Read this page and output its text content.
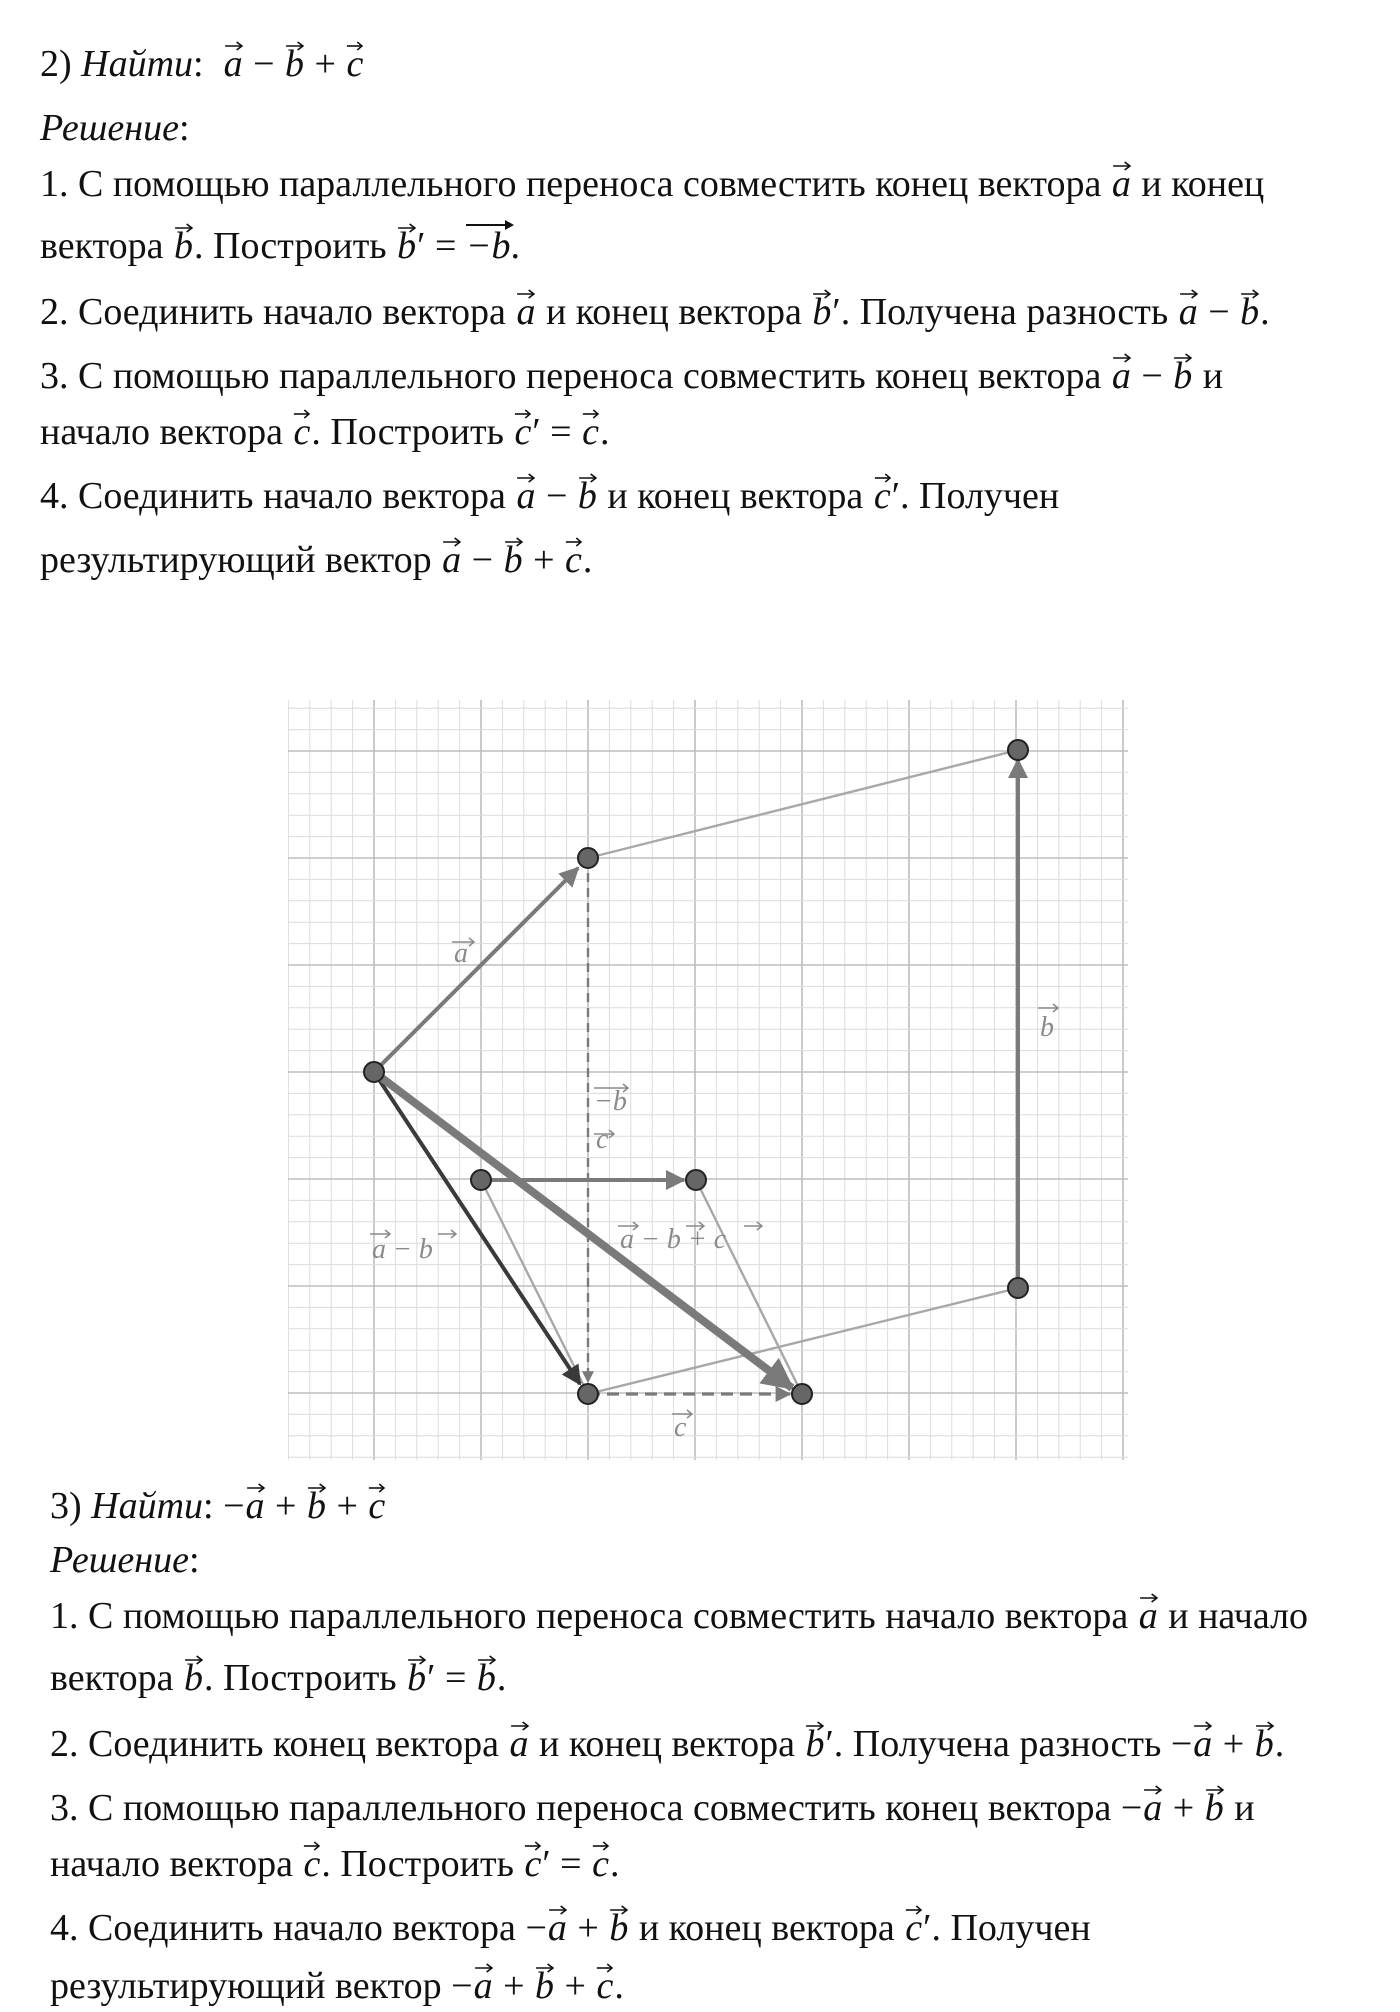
2) Найти: a − b + c
Решение:
1. С помощью параллельного переноса совместить конец вектора a и конец
вектора b. Построить b′ = −b.
2. Соединить начало вектора a и конец вектора b′. Получена разность a − b.
3. С помощью параллельного переноса совместить конец вектора a − b и
начало вектора c. Построить c′ = c.
4. Соединить начало вектора a − b и конец вектора c′. Получен
результирующий вектор a − b + c.
a
b
−b
c
c
a − b	a − b + c
3) Найти: −
a + b + c
Решение:
1. С помощью параллельного переноса совместить начало вектора a и начало
вектора b. Построить b′ = b.
2. Соединить конец вектора a и конец вектора b′. Получена разность −
a + b.
3. С помощью параллельного переноса совместить конец вектора −
a + b и
начало вектора c. Построить c′ = c.
4. Соединить начало вектора −
a + b и конец вектора c′. Получен
результирующий вектор −
a + b + c.
